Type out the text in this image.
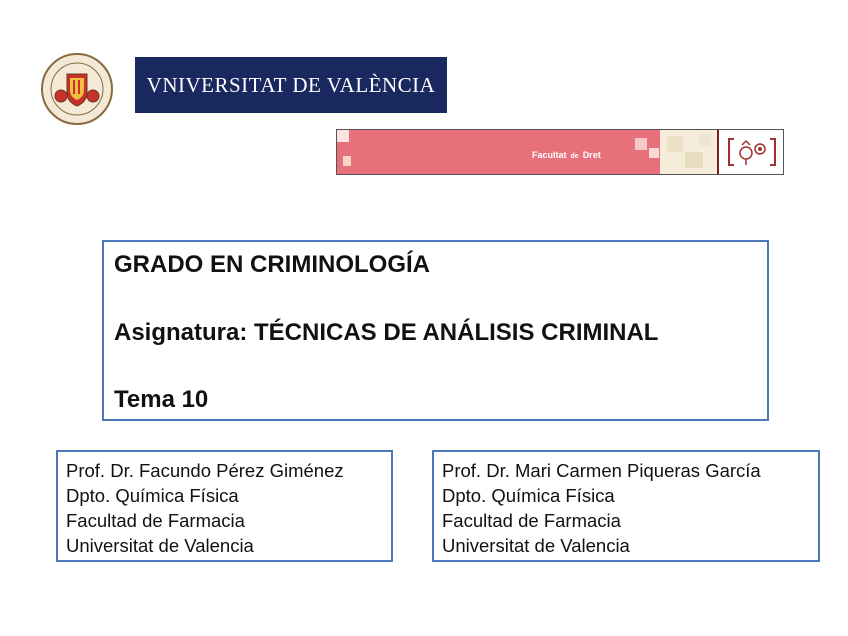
VNIVERSITAT DE VALÈNCIA
Facultat de Dret
GRADO EN CRIMINOLOGÍA
Asignatura: TÉCNICAS DE ANÁLISIS CRIMINAL
Tema 10
Prof. Dr. Facundo Pérez Giménez
Dpto. Química Física
Facultad de Farmacia
Universitat de Valencia
Prof. Dr. Mari Carmen Piqueras García
Dpto. Química Física
Facultad de Farmacia
Universitat de Valencia
